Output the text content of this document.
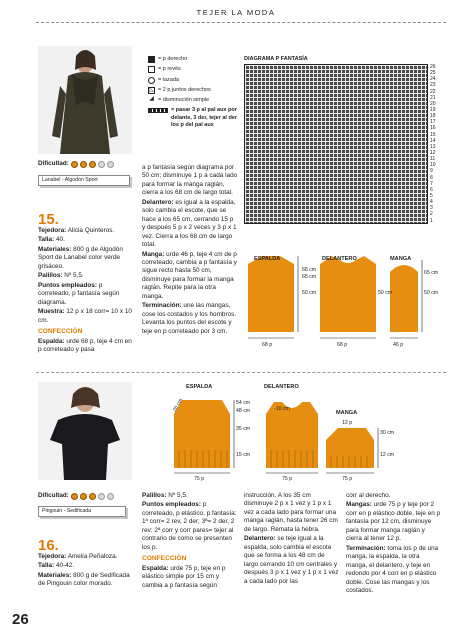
TEJER LA MODA
= p derecho
= p revés
= lazada
◺ = 2 p juntos derechos
◢ = disminución simple
= pasar 3 p al pal aux por delante, 3 der, tejer al der los p del pal aux
DIAGRAMA P FANTASÍA
26
25
24
23
22
21
20
19
18
17
16
15
14
13
12
11
10
9
8
7
6
5
4
3
2
1
Dificultad:
Lanabel - Algodón Sport
15.

Tejedora: Alicia Quinteros.

Talla: 40.

Materiales: 800 g de Algodón Sport de Lanabel color verde grisáceo.

Palillos: Nº 5,5.

Puntos empleados: p correteado, p fantasía según diagrama.

Muestra: 12 p x 18 corr= 10 x 10 cm.

CONFECCIÓN

Espalda: urde 68 p, teje 4 cm en p correteado y pasa

a p fantasía según diagrama por 50 cm; disminuye 1 p a cada lado para formar la manga raglán, cierra a los 68 cm de largo total.

Delantero: es igual a la espalda, solo cambia el escote, que se hace a los 65 cm, cerrando 15 p y después 5 p x 2 veces y 3 p x 1 vez. Cierra a los 68 cm de largo total.

Manga: urde 46 p, teje 4 cm de p correteado, cambia a p fantasía y sigue recto hasta 50 cm, disminuye para formar la manga raglán. Repite para la otra manga.

Terminación: une las mangas, cose los costados y los hombros. Levanta los puntos del escote y teje en p correteado por 3 cm.

ESPALDA	DELANTERO	MANGA
68 cm
65 cm
50 cm	50 cm
65 cm
50 cm
68 p	68 p	46 p
Dificultad:
Pingouin - Sedificada
16.

Tejedora: Amelia Peñaloza.

Talla: 40-42.

Materiales: 800 g de Sedificada de Pingouin color morado.

ESPALDA	DELANTERO
MANGA
26 cm	54 cm
48 cm
35 cm
15 cm
-10 cm
12 p
30 cm
12 cm
75 p	75 p	75 p

Palillos: Nº 5,5.

Puntos empleados: p correteado, p elástico, p fantasía: 1ª corr= 2 rev, 2 der; 3ª= 2 der, 2 rev; 2ª corr y corr pares= tejer al contrario de como se presenten los p.

CONFECCIÓN

Espalda: urde 75 p, teje en p elástico simple por 15 cm y cambia a p fantasía según

instrucción. A los 35 cm disminuye 2 p x 1 vez y 1 p x 1 vez a cada lado para formar una manga raglán, hasta tener 26 cm de largo. Remata la hebra.

Delantero: se teje igual a la espalda, solo cambia el escote que se forma a los 48 cm de largo cerrando 10 cm centrales y después 3 p x 1 vez y 1 p x 1 vez a cada lado por las

corr al derecho.

Mangas: urde 75 p y teje por 2 corr en p elástico doble, teje en p fantasía por 12 cm, disminuye para formar manga raglán y cierra al tener 12 p.

Terminación: toma los p de una manga, la espalda, la otra manga, el delantero, y teje en redondo por 4 corr en p elástico doble. Cose las mangas y los costados.

26
